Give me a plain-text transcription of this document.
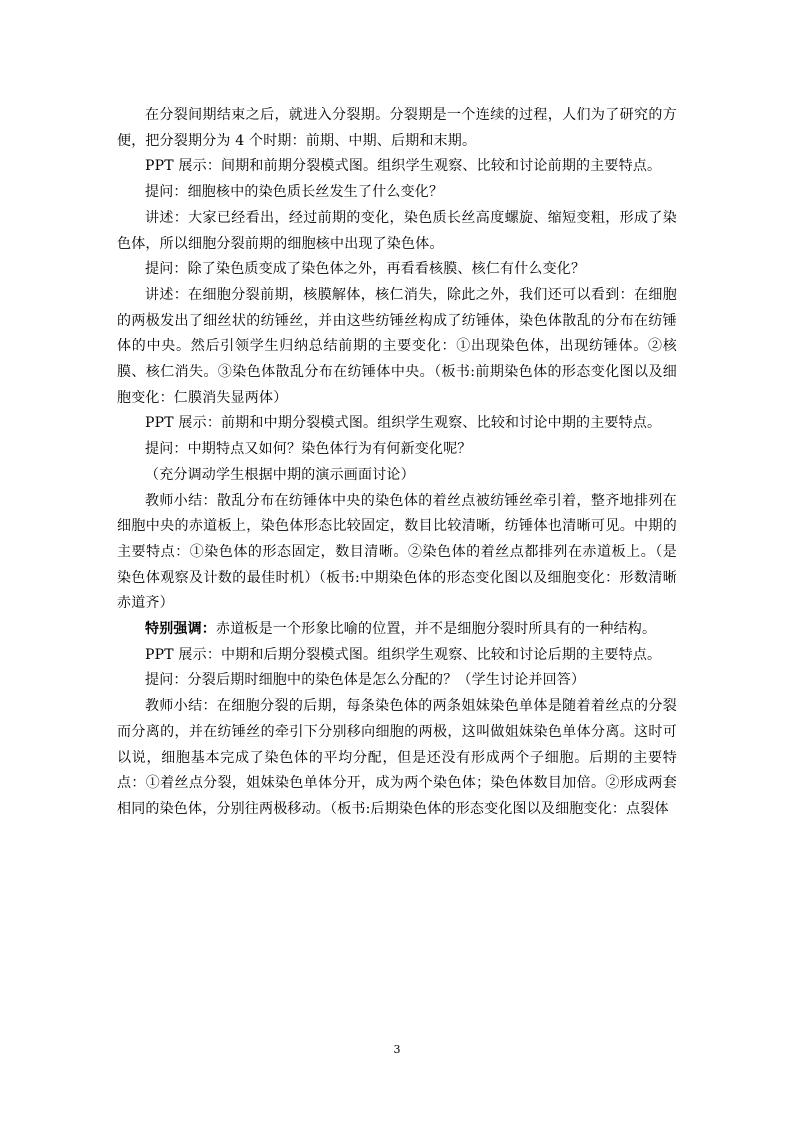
在分裂间期结束之后，就进入分裂期。分裂期是一个连续的过程，人们为了研究的方便，把分裂期分为 4 个时期：前期、中期、后期和末期。

PPT 展示：间期和前期分裂模式图。组织学生观察、比较和讨论前期的主要特点。

提问：细胞核中的染色质长丝发生了什么变化？

讲述：大家已经看出，经过前期的变化，染色质长丝高度螺旋、缩短变粗，形成了染色体，所以细胞分裂前期的细胞核中出现了染色体。

提问：除了染色质变成了染色体之外，再看看核膜、核仁有什么变化？

讲述：在细胞分裂前期，核膜解体，核仁消失，除此之外，我们还可以看到：在细胞的两极发出了细丝状的纺锤丝，并由这些纺锤丝构成了纺锤体，染色体散乱的分布在纺锤体的中央。然后引领学生归纳总结前期的主要变化：①出现染色体，出现纺锤体。②核膜、核仁消失。③染色体散乱分布在纺锤体中央。（板书:前期染色体的形态变化图以及细胞变化：仁膜消失显两体）

PPT 展示：前期和中期分裂模式图。组织学生观察、比较和讨论中期的主要特点。

提问：中期特点又如何？染色体行为有何新变化呢？

（充分调动学生根据中期的演示画面讨论）

教师小结：散乱分布在纺锤体中央的染色体的着丝点被纺锤丝牵引着，整齐地排列在细胞中央的赤道板上，染色体形态比较固定，数目比较清晰，纺锤体也清晰可见。中期的主要特点：①染色体的形态固定，数目清晰。②染色体的着丝点都排列在赤道板上。（是染色体观察及计数的最佳时机）（板书:中期染色体的形态变化图以及细胞变化：形数清晰赤道齐）

特别强调：赤道板是一个形象比喻的位置，并不是细胞分裂时所具有的一种结构。

PPT 展示：中期和后期分裂模式图。组织学生观察、比较和讨论后期的主要特点。

提问：分裂后期时细胞中的染色体是怎么分配的？（学生讨论并回答）

教师小结：在细胞分裂的后期，每条染色体的两条姐妹染色单体是随着着丝点的分裂而分离的，并在纺锤丝的牵引下分别移向细胞的两极，这叫做姐妹染色单体分离。这时可以说，细胞基本完成了染色体的平均分配，但是还没有形成两个子细胞。后期的主要特点：①着丝点分裂，姐妹染色单体分开，成为两个染色体；染色体数目加倍。②形成两套相同的染色体，分别往两极移动。（板书:后期染色体的形态变化图以及细胞变化：点裂体

3
